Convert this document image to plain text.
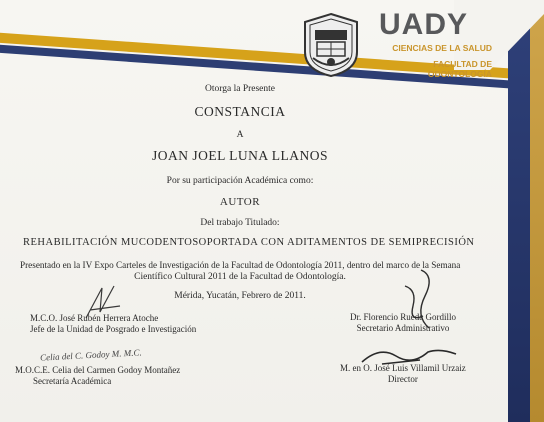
UADY
CIENCIAS DE LA SALUD
FACULTAD DE
ODONTOLOGÍA
Otorga la Presente
CONSTANCIA
A
JOAN JOEL LUNA LLANOS
Por su participación Académica como:
AUTOR
Del trabajo Titulado:
REHABILITACIÓN MUCODENTOSOPORTADA CON ADITAMENTOS DE SEMIPRECISIÓN
Presentado en la IV Expo Carteles de Investigación de la Facultad de Odontología 2011, dentro del marco de la Semana
Científico Cultural 2011 de la Facultad de Odontología.
Mérida, Yucatán, Febrero de 2011.
M.C.O. José Rubén Herrera Atoche
Jefe de la Unidad de Posgrado e Investigación
Celia del C. Godoy M. M.C.
M.O.C.E. Celia del Carmen Godoy Montañez
Secretaría Académica
Dr. Florencio Rueda Gordillo
Secretario Administrativo
M. en O. José Luis Villamil Urzaiz
Director
